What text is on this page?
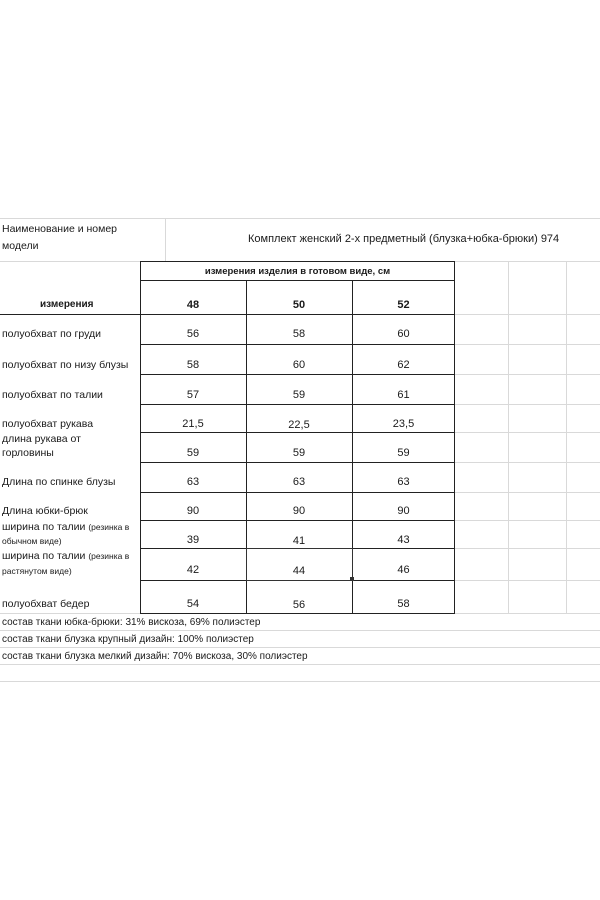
Наименование и номер
модели
Комплект женский 2-х предметный (блузка+юбка-брюки) 974
измерения изделия в готовом виде, см
измерения	48	50	52
полуобхват по груди	56	58	60
полуобхват по низу блузы	58	60	62
полуобхват по талии	57	59	61
полуобхват рукава	21,5	22,5	23,5
длина рукава от
горловины	59	59	59
Длина по спинке блузы	63	63	63
Длина юбки-брюк	90	90	90
ширина по талии (резинка в
обычном виде)	39	41	43
ширина по талии (резинка в
растянутом виде)	42	44	46
полуобхват бедер	54	56	58
состав ткани юбка-брюки: 31% вискоза, 69% полиэстер
состав ткани блузка крупный дизайн: 100% полиэстер
состав ткани блузка мелкий дизайн: 70% вискоза, 30% полиэстер
